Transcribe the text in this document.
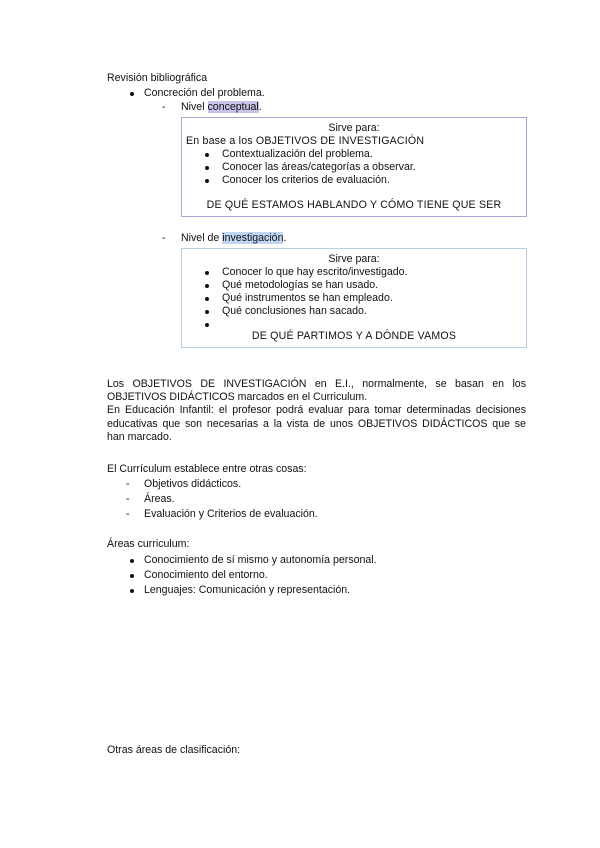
Revisión bibliográfica
Concreción del problema.
- Nivel conceptual.
Sirve para:
En base a los OBJETIVOS DE INVESTIGACIÓN
Contextualización del problema.
Conocer las áreas/categorías a observar.
Conocer los criterios de evaluación.
DE QUÉ ESTAMOS HABLANDO Y CÓMO TIENE QUE SER
- Nivel de investigación.
Sirve para:
Conocer lo que hay escrito/investigado.
Qué metodologías se han usado.
Qué instrumentos se han empleado.
Qué conclusiones han sacado.
DE QUÉ PARTIMOS Y A DÓNDE VAMOS
Los OBJETIVOS DE INVESTIGACIÓN en E.I., normalmente, se basan en los
OBJETIVOS DIDÁCTICOS marcados en el Curriculum.
En Educación Infantil: el profesor podrá evaluar para tomar determinadas decisiones
educativas que son necesarias a la vista de unos OBJETIVOS DIDÁCTICOS que se
han marcado.
El Currículum establece entre otras cosas:
- Objetivos didácticos.
- Áreas.
- Evaluación y Criterios de evaluación.
Áreas curriculum:
Conocimiento de sí mismo y autonomía personal.
Conocimiento del entorno.
Lenguajes: Comunicación y representación.
Otras áreas de clasificación:
